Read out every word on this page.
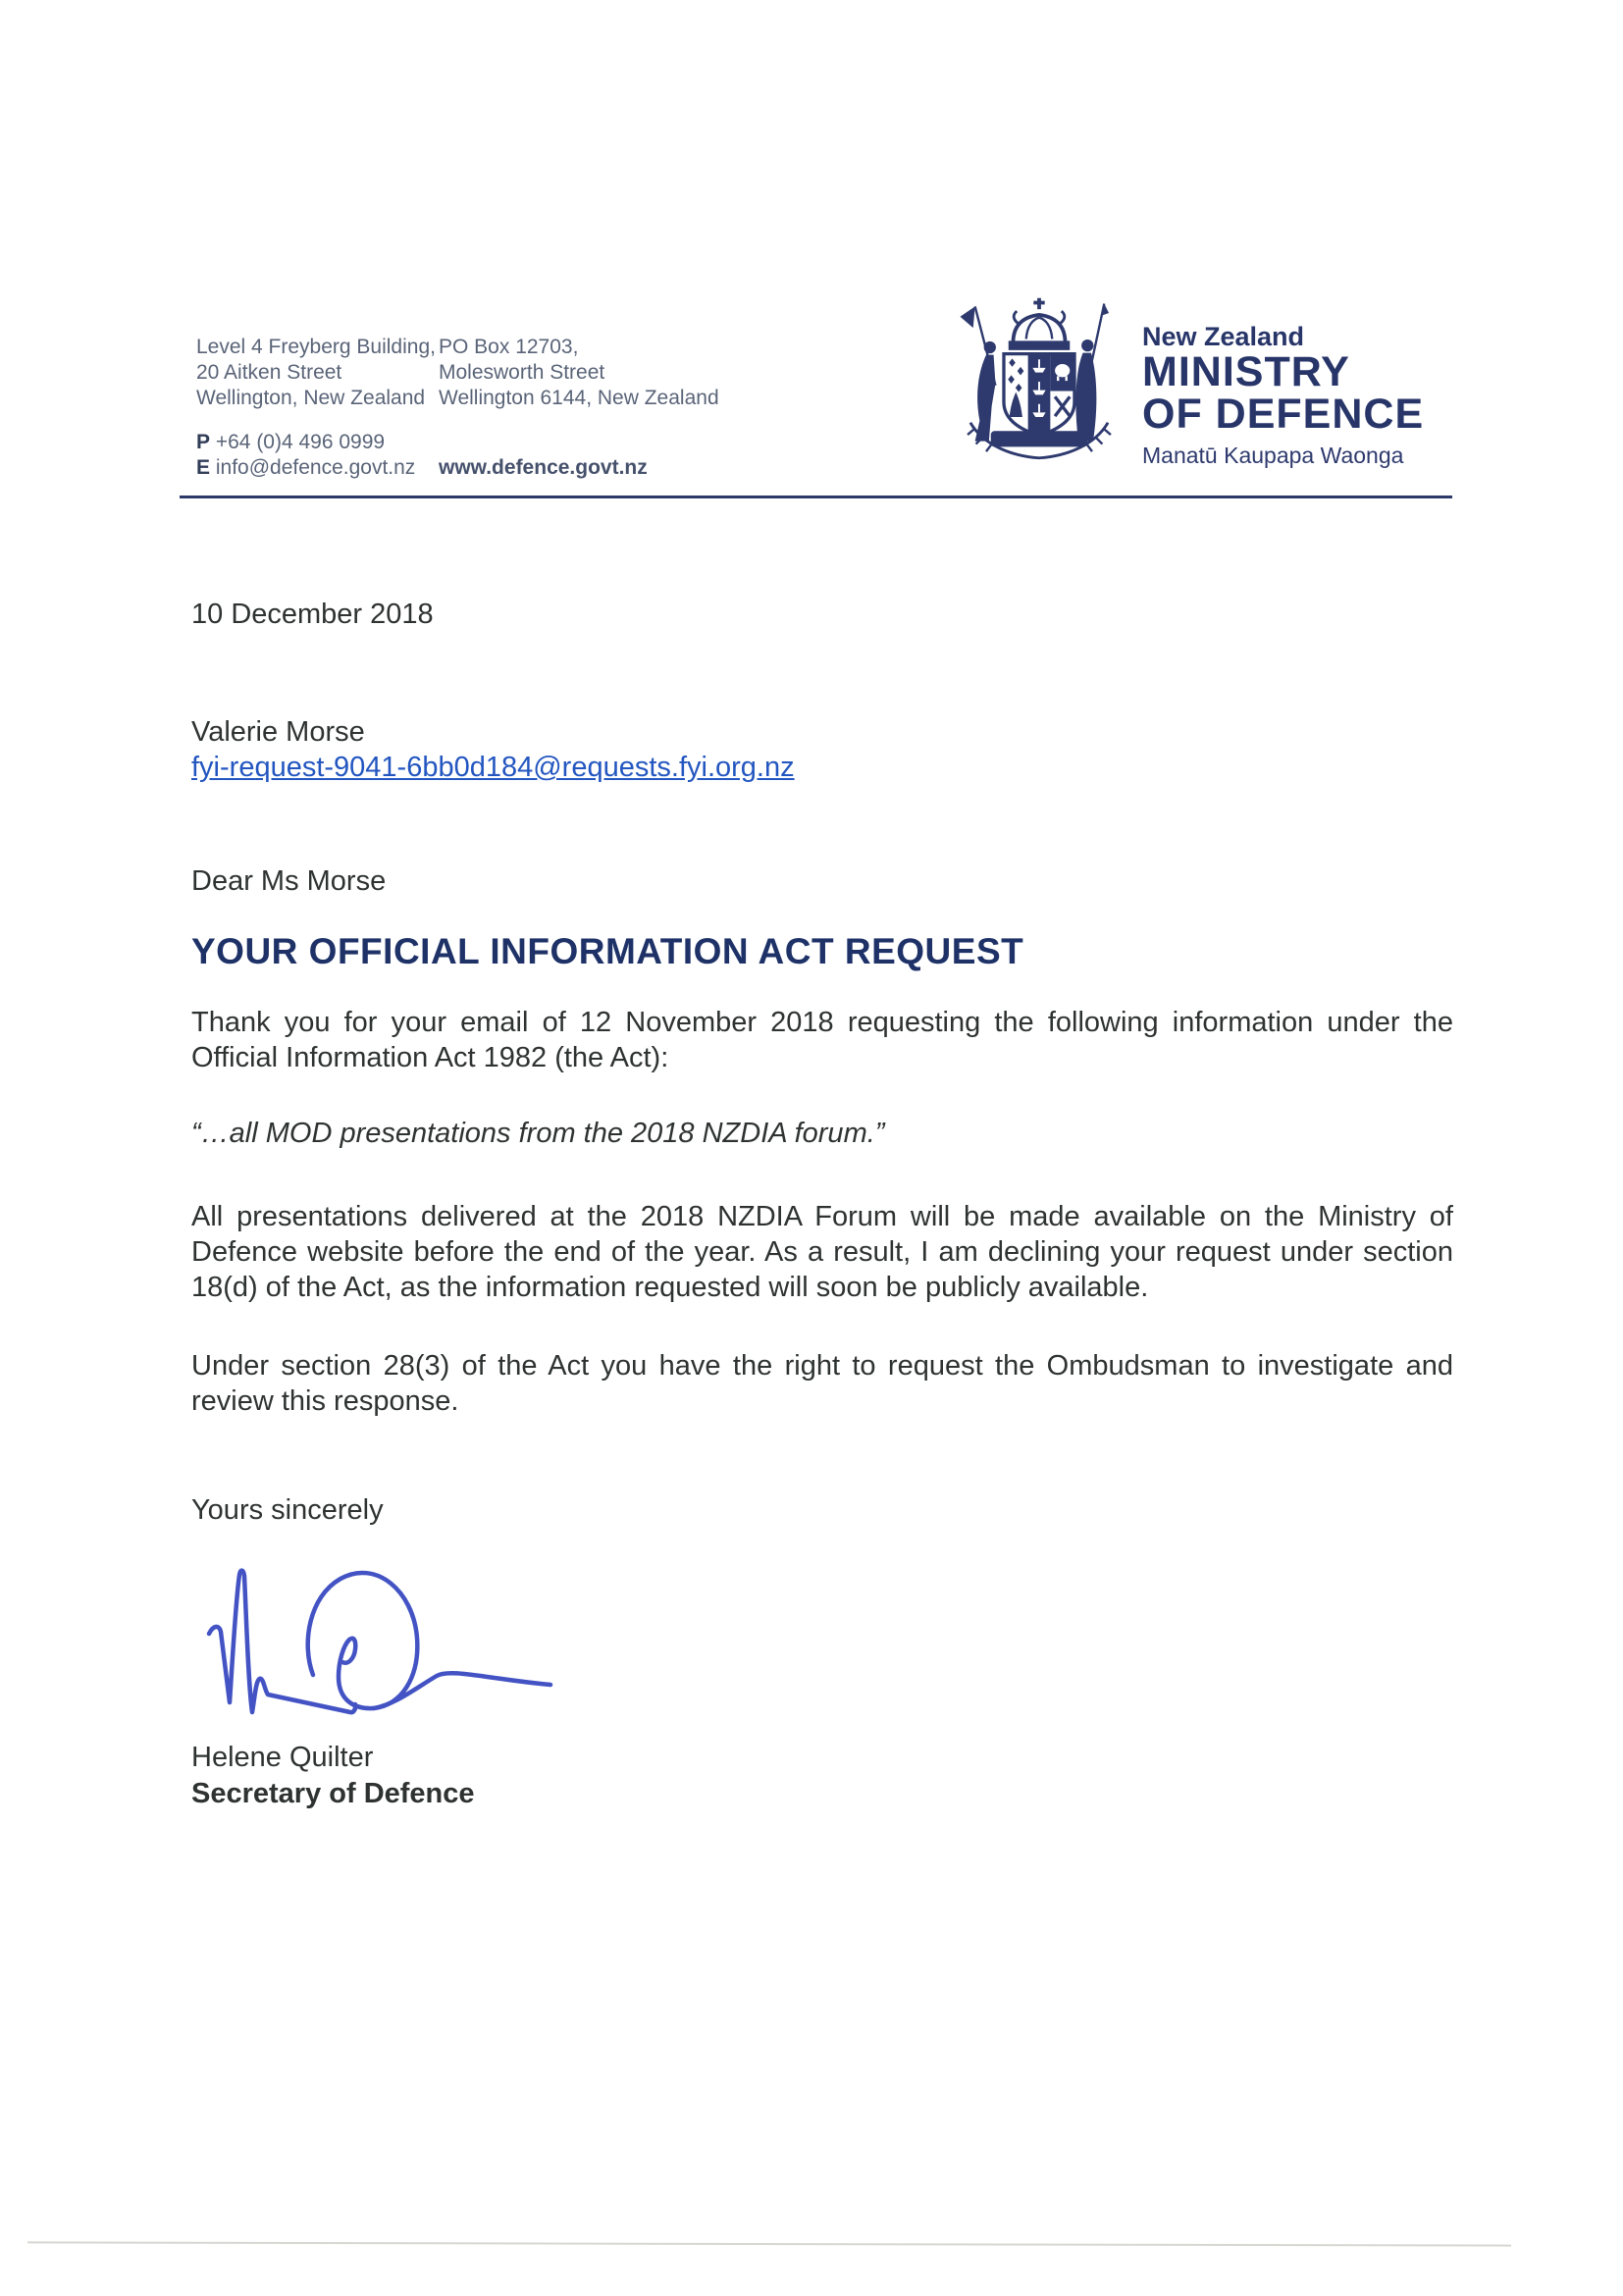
Level 4 Freyberg Building,
20 Aitken Street
Wellington, New Zealand
PO Box 12703,
Molesworth Street
Wellington 6144, New Zealand
P +64 (0)4 496 0999
E info@defence.govt.nz	www.defence.govt.nz
NEW ZEALAND
New Zealand
MINISTRY
OF DEFENCE
Manatū Kaupapa Waonga

10 December 2018

Valerie Morse
fyi-request-9041-6bb0d184@requests.fyi.org.nz

Dear Ms Morse

YOUR OFFICIAL INFORMATION ACT REQUEST

Thank you for your email of 12 November 2018 requesting the following information under the Official Information Act 1982 (the Act):

“…all MOD presentations from the 2018 NZDIA forum.”

All presentations delivered at the 2018 NZDIA Forum will be made available on the Ministry of Defence website before the end of the year. As a result, I am declining your request under section 18(d) of the Act, as the information requested will soon be publicly available.

Under section 28(3) of the Act you have the right to request the Ombudsman to investigate and review this response.

Yours sincerely

Helene Quilter
Secretary of Defence
